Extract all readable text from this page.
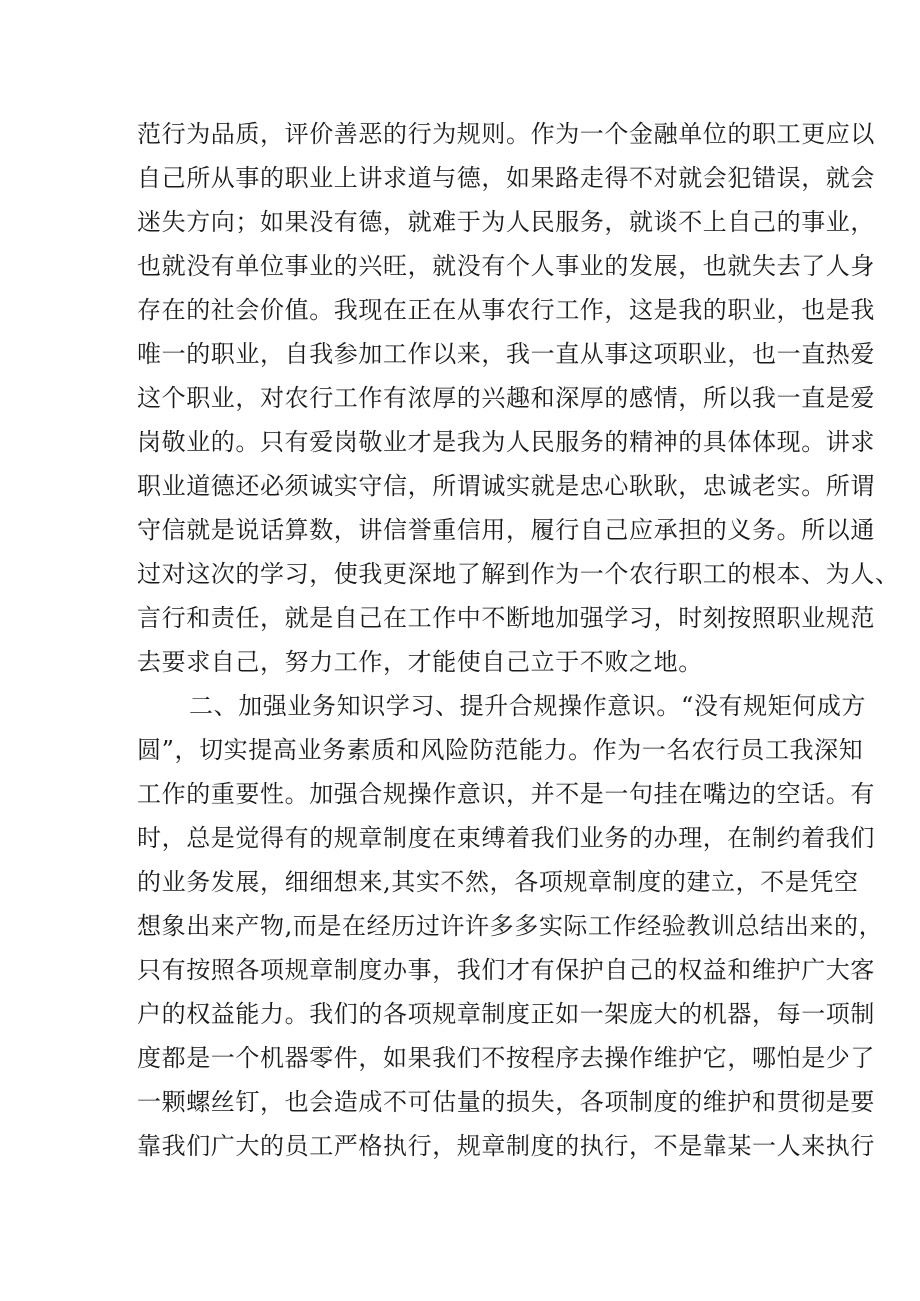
范行为品质，评价善恶的行为规则。作为一个金融单位的职工更应以
自己所从事的职业上讲求道与德，如果路走得不对就会犯错误，就会
迷失方向；如果没有德，就难于为人民服务，就谈不上自己的事业，
也就没有单位事业的兴旺，就没有个人事业的发展，也就失去了人身
存在的社会价值。我现在正在从事农行工作，这是我的职业，也是我
唯一的职业，自我参加工作以来，我一直从事这项职业，也一直热爱
这个职业，对农行工作有浓厚的兴趣和深厚的感情，所以我一直是爱
岗敬业的。只有爱岗敬业才是我为人民服务的精神的具体体现。讲求
职业道德还必须诚实守信，所谓诚实就是忠心耿耿，忠诚老实。所谓
守信就是说话算数，讲信誉重信用，履行自己应承担的义务。所以通
过对这次的学习，使我更深地了解到作为一个农行职工的根本、为人、
言行和责任，就是自己在工作中不断地加强学习，时刻按照职业规范
去要求自己，努力工作，才能使自己立于不败之地。
二、加强业务知识学习、提升合规操作意识。“没有规矩何成方
圆”，切实提高业务素质和风险防范能力。作为一名农行员工我深知
工作的重要性。加强合规操作意识，并不是一句挂在嘴边的空话。有
时，总是觉得有的规章制度在束缚着我们业务的办理，在制约着我们
的业务发展，细细想来,其实不然，各项规章制度的建立，不是凭空
想象出来产物,而是在经历过许许多多实际工作经验教训总结出来的，
只有按照各项规章制度办事，我们才有保护自己的权益和维护广大客
户的权益能力。我们的各项规章制度正如一架庞大的机器，每一项制
度都是一个机器零件，如果我们不按程序去操作维护它，哪怕是少了
一颗螺丝钉，也会造成不可估量的损失，各项制度的维护和贯彻是要
靠我们广大的员工严格执行，规章制度的执行，不是靠某一人来执行
